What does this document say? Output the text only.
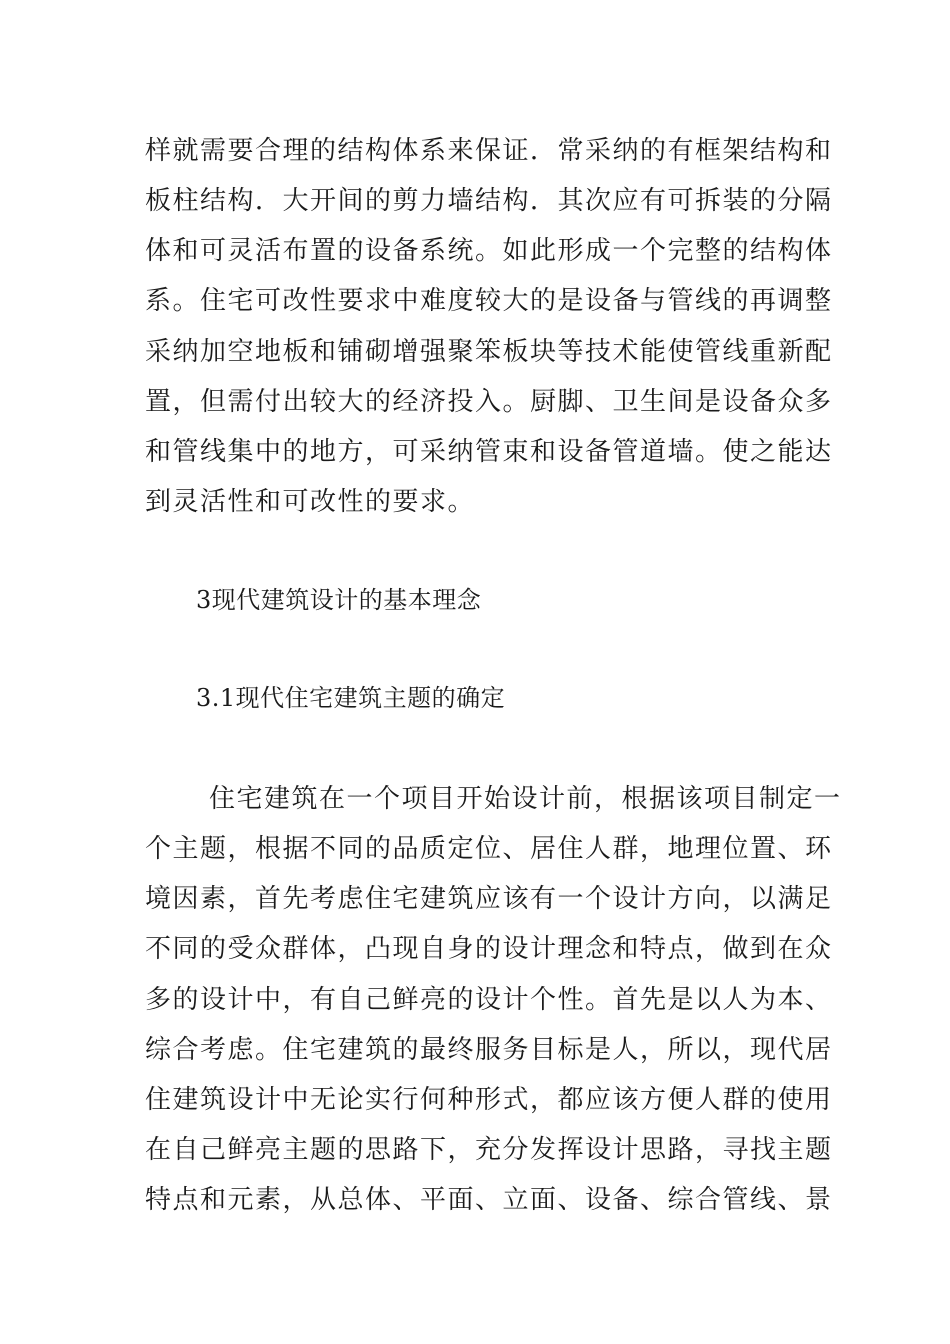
样就需要合理的结构体系来保证．常采纳的有框架结构和
板柱结构．大开间的剪力墙结构．其次应有可拆装的分隔
体和可灵活布置的设备系统。如此形成一个完整的结构体
系。住宅可改性要求中难度较大的是设备与管线的再调整
采纳加空地板和铺砌增强聚笨板块等技术能使管线重新配
置，但需付出较大的经济投入。厨脚、卫生间是设备众多
和管线集中的地方，可采纳管束和设备管道墙。使之能达
到灵活性和可改性的要求。
3现代建筑设计的基本理念
3.1现代住宅建筑主题的确定
住宅建筑在一个项目开始设计前，根据该项目制定一
个主题，根据不同的品质定位、居住人群，地理位置、环
境因素，首先考虑住宅建筑应该有一个设计方向，以满足
不同的受众群体，凸现自身的设计理念和特点，做到在众
多的设计中，有自己鲜亮的设计个性。首先是以人为本、
综合考虑。住宅建筑的最终服务目标是人，所以，现代居
住建筑设计中无论实行何种形式，都应该方便人群的使用
在自己鲜亮主题的思路下，充分发挥设计思路，寻找主题
特点和元素，从总体、平面、立面、设备、综合管线、景
